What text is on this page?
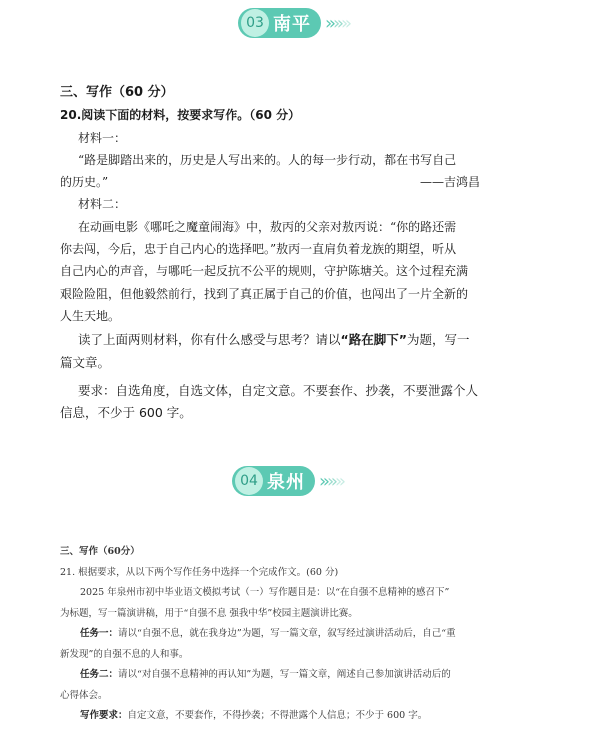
03 南平 »»»

三、写作（60 分）

20.阅读下面的材料，按要求写作。（60 分）

材料一：

“路是脚踏出来的，历史是人写出来的。人的每一步行动，都在书写自己

的历史。”	——吉鸿昌

材料二：

在动画电影《哪吒之魔童闹海》中，敖丙的父亲对敖丙说：“你的路还需

你去闯，今后，忠于自己内心的选择吧。”敖丙一直肩负着龙族的期望，听从

自己内心的声音，与哪吒一起反抗不公平的规则，守护陈塘关。这个过程充满

艰险险阻，但他毅然前行，找到了真正属于自己的价值，也闯出了一片全新的

人生天地。

读了上面两则材料，你有什么感受与思考？请以“路在脚下”为题，写一

篇文章。

要求：自选角度，自选文体，自定文意。不要套作、抄袭，不要泄露个人

信息，不少于 600 字。

04 泉州 »»»

三、写作（60分）

21. 根据要求，从以下两个写作任务中选择一个完成作文。(60 分)

2025 年泉州市初中毕业语文模拟考试（一）写作题目是：以“在自强不息精神的感召下”

为标题，写一篇演讲稿，用于“自强不息 强我中华”校园主题演讲比赛。

任务一：请以“自强不息，就在我身边”为题，写一篇文章，叙写经过演讲活动后，自己“重

新发现”的自强不息的人和事。

任务二：请以“对自强不息精神的再认知”为题，写一篇文章，阐述自己参加演讲活动后的

心得体会。

写作要求：自定文意，不要套作，不得抄袭；不得泄露个人信息；不少于 600 字。
